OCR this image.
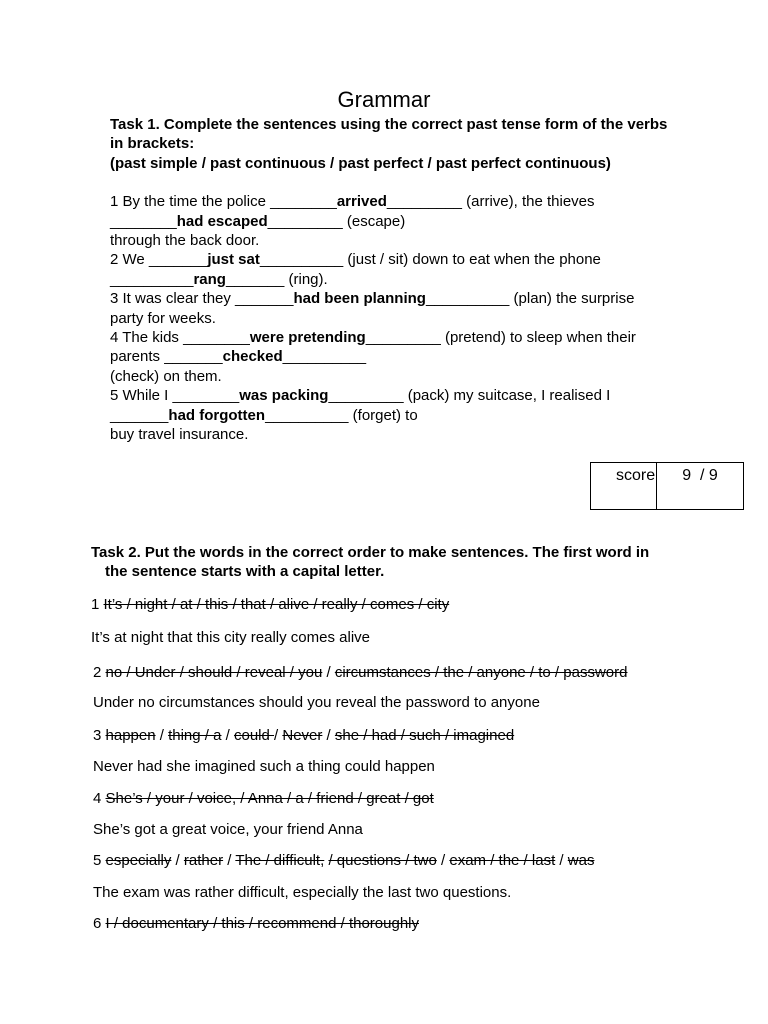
Grammar

Task 1. Complete the sentences using the correct past tense form of the verbs in brackets:

(past simple / past continuous / past perfect / past perfect continuous)

1 By the time the police ________arrived_________ (arrive), the thieves

________had escaped_________ (escape)

through the back door.

2 We _______just sat__________ (just / sit) down to eat when the phone

__________rang_______ (ring).

3 It was clear they _______had been planning__________ (plan) the surprise

party for weeks.

4 The kids ________were pretending_________ (pretend) to sleep when their

parents _______checked__________

(check) on them.

5 While I ________was packing_________ (pack) my suitcase, I realised I

_______had forgotten__________ (forget) to

buy travel insurance.

score	9  / 9
Task 2. Put the words in the correct order to make sentences. The first word in
the sentence starts with a capital letter.
1 It’s / night / at / this / that / alive / really / comes / city
It’s at night that this city really comes alive
2 no / Under / should / reveal / you / circumstances / the / anyone / to / password
Under no circumstances should you reveal the password to anyone
3 happen / thing / a / could / Never / she / had / such / imagined
Never had she imagined such a thing could happen
4 She’s / your / voice, / Anna / a / friend / great / got
She’s got a great voice, your friend Anna
5 especially / rather / The / difficult, / questions / two / exam / the / last / was
The exam was rather difficult, especially the last two questions.
6 I / documentary / this / recommend / thoroughly
